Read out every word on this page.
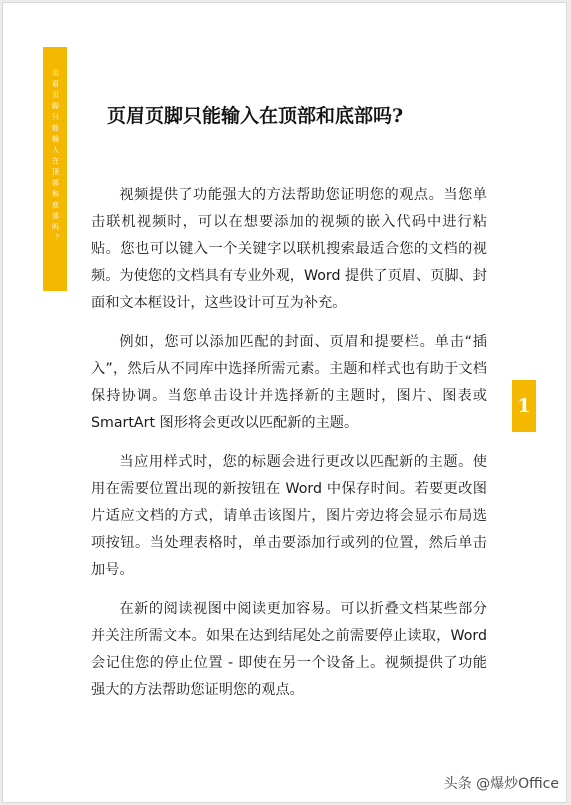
页眉页脚只能输入在顶部和底部吗？	页眉页脚只能输入在顶部和底部吗?

视频提供了功能强大的方法帮助您证明您的观点。当您单击联机视频时，可以在想要添加的视频的嵌入代码中进行粘贴。您也可以键入一个关键字以联机搜索最适合您的文档的视频。为使您的文档具有专业外观，Word 提供了页眉、页脚、封面和文本框设计，这些设计可互为补充。

例如，您可以添加匹配的封面、页眉和提要栏。单击“插入”，然后从不同库中选择所需元素。主题和样式也有助于文档保持协调。当您单击设计并选择新的主题时，图片、图表或 SmartArt 图形将会更改以匹配新的主题。

当应用样式时，您的标题会进行更改以匹配新的主题。使用在需要位置出现的新按钮在 Word 中保存时间。若要更改图片适应文档的方式，请单击该图片，图片旁边将会显示布局选项按钮。当处理表格时，单击要添加行或列的位置，然后单击加号。

在新的阅读视图中阅读更加容易。可以折叠文档某些部分并关注所需文本。如果在达到结尾处之前需要停止读取，Word 会记住您的停止位置 - 即使在另一个设备上。视频提供了功能强大的方法帮助您证明您的观点。

1
头条 @爆炒Office
